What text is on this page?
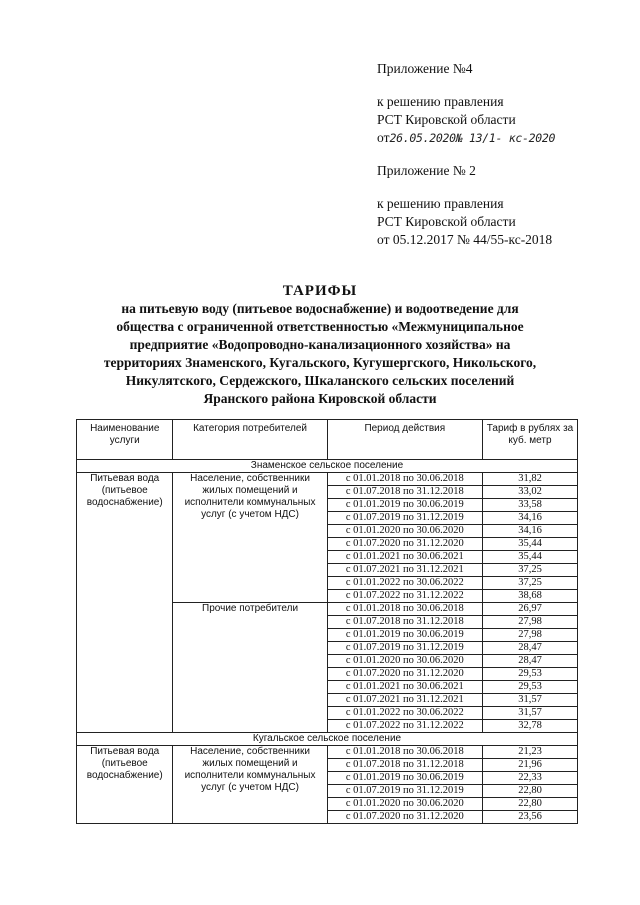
Приложение №4
к решению правления
РСТ Кировской области
от26.05.2020№ 13/1- кс-2020
Приложение № 2
к решению правления
РСТ Кировской области
от 05.12.2017 № 44/55-кс-2018
ТАРИФЫ
на питьевую воду (питьевое водоснабжение) и водоотведение для
общества с ограниченной ответственностью «Межмуниципальное
предприятие «Водопроводно-канализационного хозяйства» на
территориях Знаменского, Кугальского, Кугушергского, Никольского,
Никулятского, Сердежского, Шкаланского сельских поселений
Яранского района Кировской области
Наименование услуги	Категория потребителей	Период действия	Тариф в рублях за куб. метр
Знаменское сельское поселение			
Питьевая вода (питьевое водоснабжение)	Население, собственники жилых помещений и исполнители коммунальных услуг (с учетом НДС)	с 01.01.2018 по 30.06.2018	31,82
		с 01.07.2018 по 31.12.2018	33,02
		с 01.01.2019 по 30.06.2019	33,58
		с 01.07.2019 по 31.12.2019	34,16
		с 01.01.2020 по 30.06.2020	34,16
		с 01.07.2020 по 31.12.2020	35,44
		с 01.01.2021 по 30.06.2021	35,44
		с 01.07.2021 по 31.12.2021	37,25
		с 01.01.2022 по 30.06.2022	37,25
		с 01.07.2022 по 31.12.2022	38,68
	Прочие потребители	с 01.01.2018 по 30.06.2018	26,97
		с 01.07.2018 по 31.12.2018	27,98
		с 01.01.2019 по 30.06.2019	27,98
		с 01.07.2019 по 31.12.2019	28,47
		с 01.01.2020 по 30.06.2020	28,47
		с 01.07.2020 по 31.12.2020	29,53
		с 01.01.2021 по 30.06.2021	29,53
		с 01.07.2021 по 31.12.2021	31,57
		с 01.01.2022 по 30.06.2022	31,57
		с 01.07.2022 по 31.12.2022	32,78
Кугальское сельское поселение			
Питьевая вода (питьевое водоснабжение)	Население, собственники жилых помещений и исполнители коммунальных услуг (с учетом НДС)	с 01.01.2018 по 30.06.2018	21,23
		с 01.07.2018 по 31.12.2018	21,96
		с 01.01.2019 по 30.06.2019	22,33
		с 01.07.2019 по 31.12.2019	22,80
		с 01.01.2020 по 30.06.2020	22,80
		с 01.07.2020 по 31.12.2020	23,56
